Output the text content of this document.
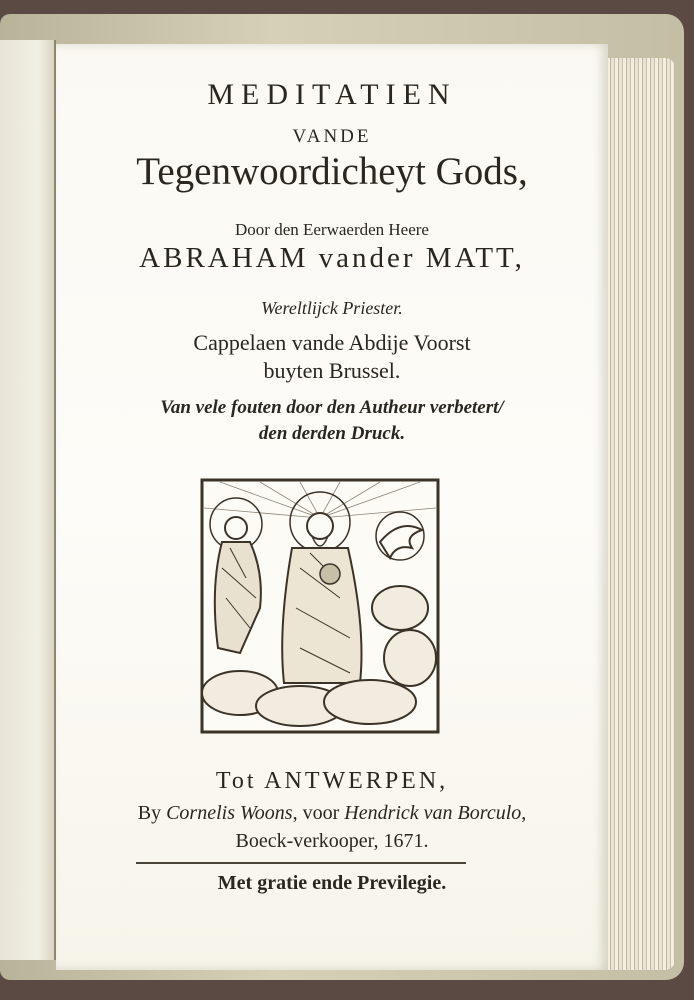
MEDITATIEN
VANDE
Tegenwoordicheyt Gods,
Door den Eerwaerden Heere
ABRAHAM vander MATT,
Wereltlijck Priester.
Cappelaen vande Abdije Voorst
buyten Brussel.
Van vele fouten door den Autheur verbetert/
den derden Druck.
Tot ANTWERPEN,
By Cornelis Woons, voor Hendrick van Borculo,
Boeck-verkooper, 1671.
Met gratie ende Previlegie.
